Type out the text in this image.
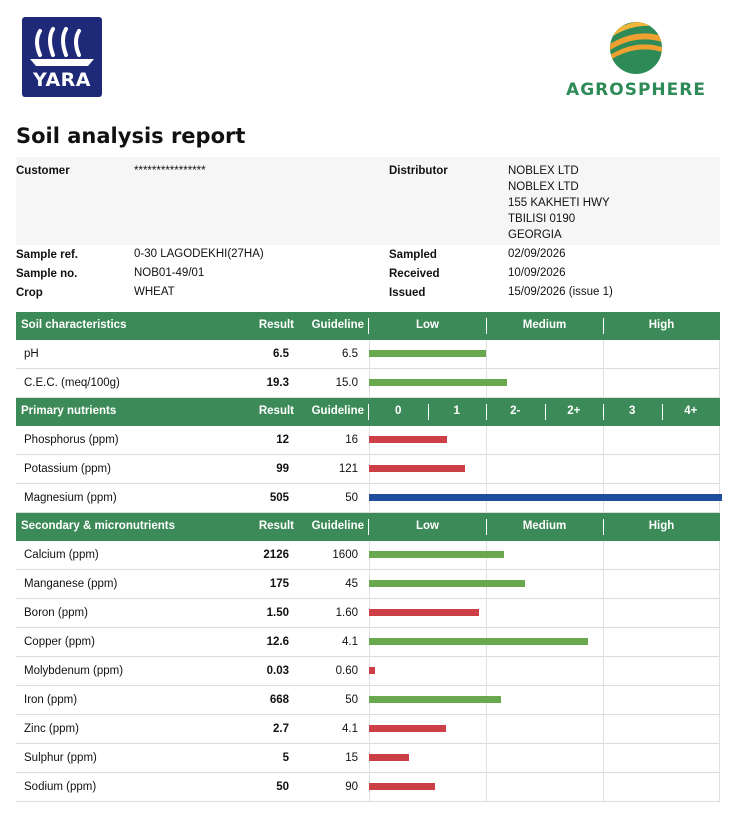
YARA	AGROSPHERE
Soil analysis report
Customer	****************	Distributor	NOBLEX LTD
NOBLEX LTD
155 KAKHETI HWY
TBILISI 0190
GEORGIA
Sample ref.	0-30 LAGODEKHI(27HA)
Sample no.	NOB01-49/01
Crop	WHEAT
Sampled	02/09/2026
Received	10/09/2026
Issued	15/09/2026 (issue 1)
Soil characteristics	Result Guideline	Low	Medium	High
pH	6.5	6.5
C.E.C. (meq/100g)	19.3	15.0
Primary nutrients	Result Guideline	0	1	2-	2+	3	4+
Phosphorus (ppm)	12	16
Potassium (ppm)	99	121
Magnesium (ppm)	505	50
Secondary & micronutrients	Result Guideline	Low	Medium	High
Calcium (ppm)	2126	1600
Manganese (ppm)	175	45
Boron (ppm)	1.50	1.60
Copper (ppm)	12.6	4.1
Molybdenum (ppm)	0.03	0.60
Iron (ppm)	668	50
Zinc (ppm)	2.7	4.1
Sulphur (ppm)	5	15
Sodium (ppm)	50	90
